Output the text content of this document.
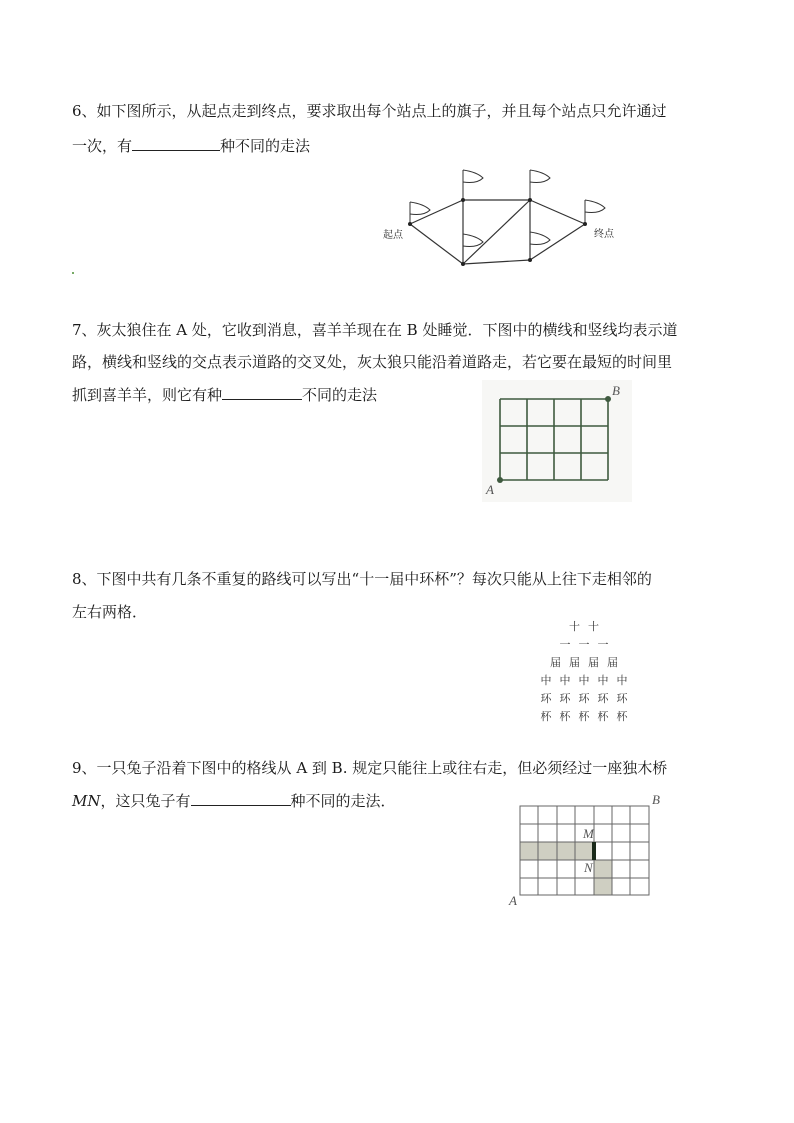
6、如下图所示，从起点走到终点，要求取出每个站点上的旗子，并且每个站点只允许通过
一次，有	种不同的走法
起点	终点
7、灰太狼住在 A 处，它收到消息，喜羊羊现在在 B 处睡觉．下图中的横线和竖线均表示道
路，横线和竖线的交点表示道路的交叉处，灰太狼只能沿着道路走，若它要在最短的时间里
抓到喜羊羊，则它有种	不同的走法
A
B
8、下图中共有几条不重复的路线可以写出“十一届中环杯”？每次只能从上往下走相邻的
左右两格．
十 十
一 一 一
届 届 届 届
中 中 中 中 中
环 环 环 环 环
杯 杯 杯 杯 杯
9、一只兔子沿着下图中的格线从 A 到 B. 规定只能往上或往右走，但必须经过一座独木桥
MN，这只兔子有	种不同的走法．
M
N
A
B
